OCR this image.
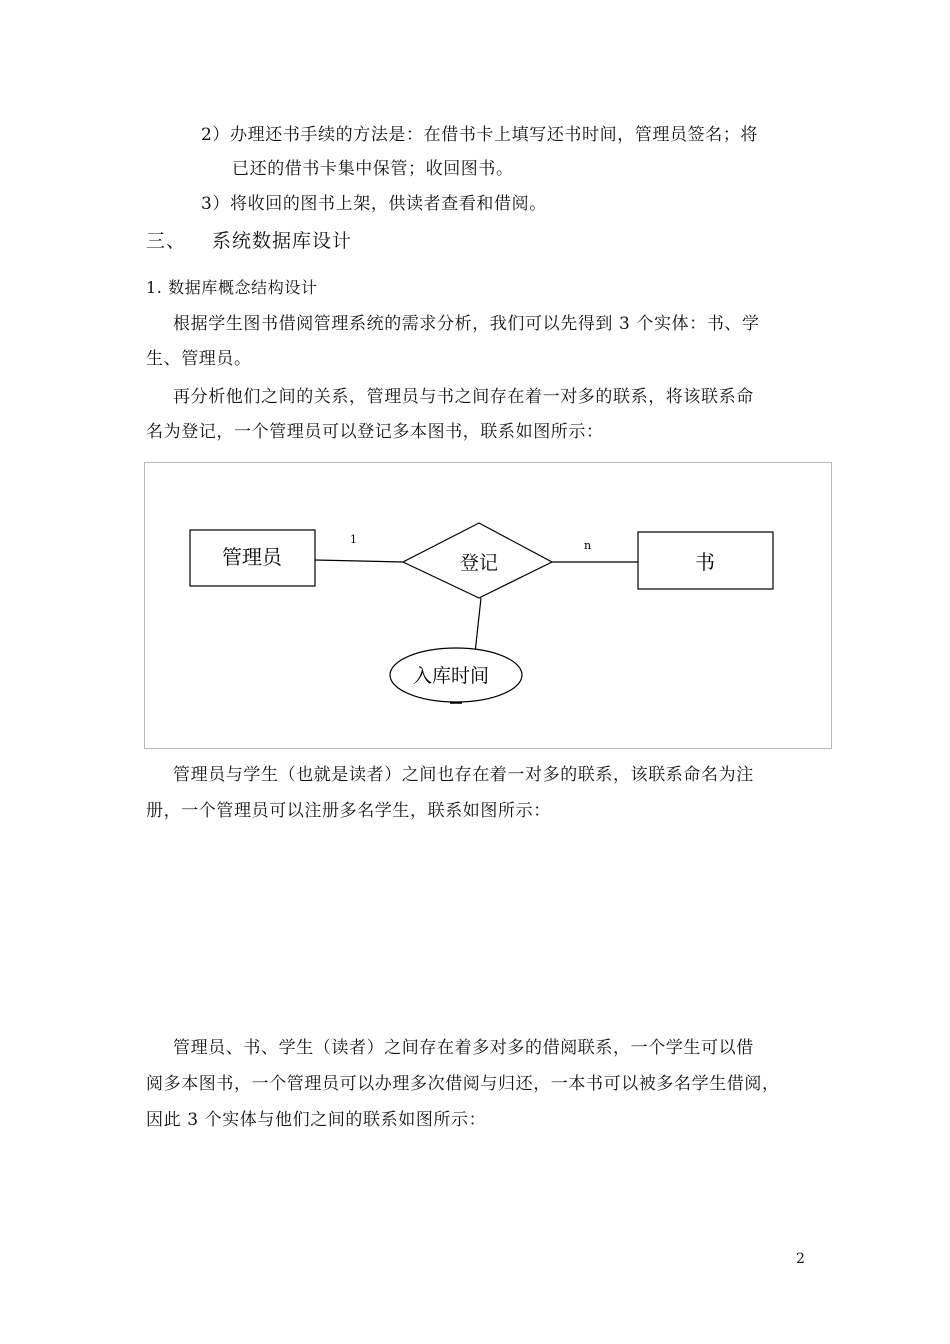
2）办理还书手续的方法是：在借书卡上填写还书时间，管理员签名；将
已还的借书卡集中保管；收回图书。
3）将收回的图书上架，供读者查看和借阅。
三、 系统数据库设计
1. 数据库概念结构设计
根据学生图书借阅管理系统的需求分析，我们可以先得到 3 个实体：书、学
生、管理员。
再分析他们之间的关系，管理员与书之间存在着一对多的联系，将该联系命
名为登记，一个管理员可以登记多本图书，联系如图所示：
管理员	登记	书
入库时间
1	n
管理员与学生（也就是读者）之间也存在着一对多的联系，该联系命名为注
册，一个管理员可以注册多名学生，联系如图所示：
管理员、书、学生（读者）之间存在着多对多的借阅联系，一个学生可以借
阅多本图书，一个管理员可以办理多次借阅与归还，一本书可以被多名学生借阅，
因此 3 个实体与他们之间的联系如图所示：
2
